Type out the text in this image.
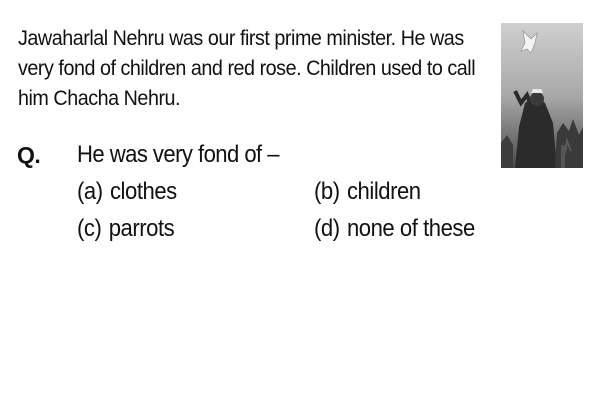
Jawaharlal Nehru was our first prime minister. He was
very fond of children and red rose. Children used to call
him Chacha Nehru.
Q. He was very fond of –
(a) clothes	(b) children
(c) parrots	(d) none of these
